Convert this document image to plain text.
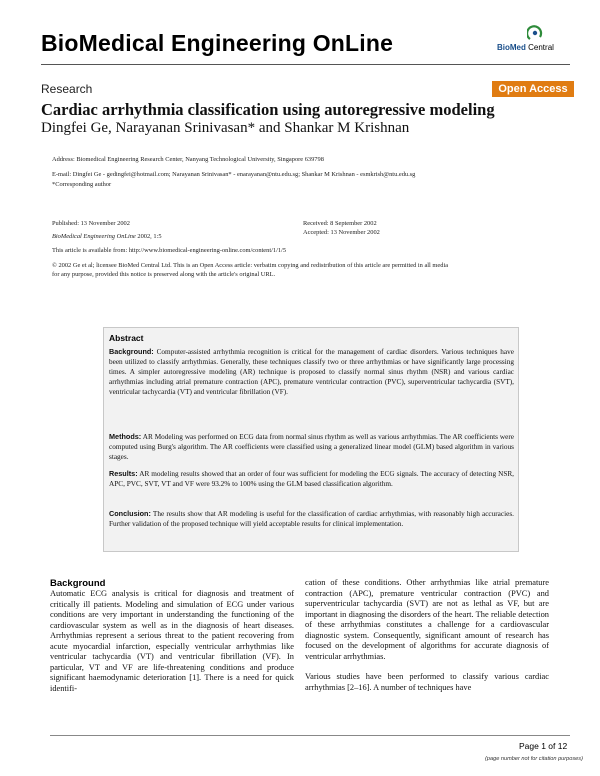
BioMedical Engineering OnLine	BioMed Central
Research	Open Access
Cardiac arrhythmia classification using autoregressive modeling
Dingfei Ge, Narayanan Srinivasan* and Shankar M Krishnan
Address: Biomedical Engineering Research Center, Nanyang Technological University, Singapore 639798
E-mail: Dingfei Ge - gedingfei@hotmail.com; Narayanan Srinivasan* - enarayanan@ntu.edu.sg; Shankar M Krishnan - esmkrish@ntu.edu.sg
*Corresponding author
Published: 13 November 2002
BioMedical Engineering OnLine 2002, 1:5
Received: 8 September 2002
Accepted: 13 November 2002
This article is available from: http://www.biomedical-engineering-online.com/content/1/1/5
© 2002 Ge et al; licensee BioMed Central Ltd. This is an Open Access article: verbatim copying and redistribution of this article are permitted in all media
for any purpose, provided this notice is preserved along with the article's original URL.
Abstract
Background: Computer-assisted arrhythmia recognition is critical for the management of cardiac disorders. Various techniques have been utilized to classify arrhythmias. Generally, these techniques classify two or three arrhythmias or have significantly large processing times. A simpler autoregressive modeling (AR) technique is proposed to classify normal sinus rhythm (NSR) and various cardiac arrhythmias including atrial premature contraction (APC), premature ventricular contraction (PVC), superventricular tachycardia (SVT), ventricular tachycardia (VT) and ventricular fibrillation (VF).
Methods: AR Modeling was performed on ECG data from normal sinus rhythm as well as various arrhythmias. The AR coefficients were computed using Burg's algorithm. The AR coefficients were classified using a generalized linear model (GLM) based algorithm in various stages.
Results: AR modeling results showed that an order of four was sufficient for modeling the ECG signals. The accuracy of detecting NSR, APC, PVC, SVT, VT and VF were 93.2% to 100% using the GLM based classification algorithm.
Conclusion: The results show that AR modeling is useful for the classification of cardiac arrhythmias, with reasonably high accuracies. Further validation of the proposed technique will yield acceptable results for clinical implementation.
Background

Automatic ECG analysis is critical for diagnosis and treatment of critically ill patients. Modeling and simulation of ECG under various conditions are very important in understanding the functioning of the cardiovascular system as well as in the diagnosis of heart diseases. Arrhythmias represent a serious threat to the patient recovering from acute myocardial infarction, especially ventricular arrhythmias like ventricular tachycardia (VT) and ventricular fibrillation (VF). In particular, VT and VF are life-threatening conditions and produce significant haemodynamic deterioration [1]. There is a need for quick identifi-

cation of these conditions. Other arrhythmias like atrial premature contraction (APC), premature ventricular contraction (PVC) and superventricular tachycardia (SVT) are not as lethal as VF, but are important in diagnosing the disorders of the heart. The reliable detection of these arrhythmias constitutes a challenge for a cardiovascular diagnostic system. Consequently, significant amount of research has focused on the development of algorithms for accurate diagnosis of ventricular arrhythmias.

Various studies have been performed to classify various cardiac arrhythmias [2–16]. A number of techniques have

Page 1 of 12
(page number not for citation purposes)
